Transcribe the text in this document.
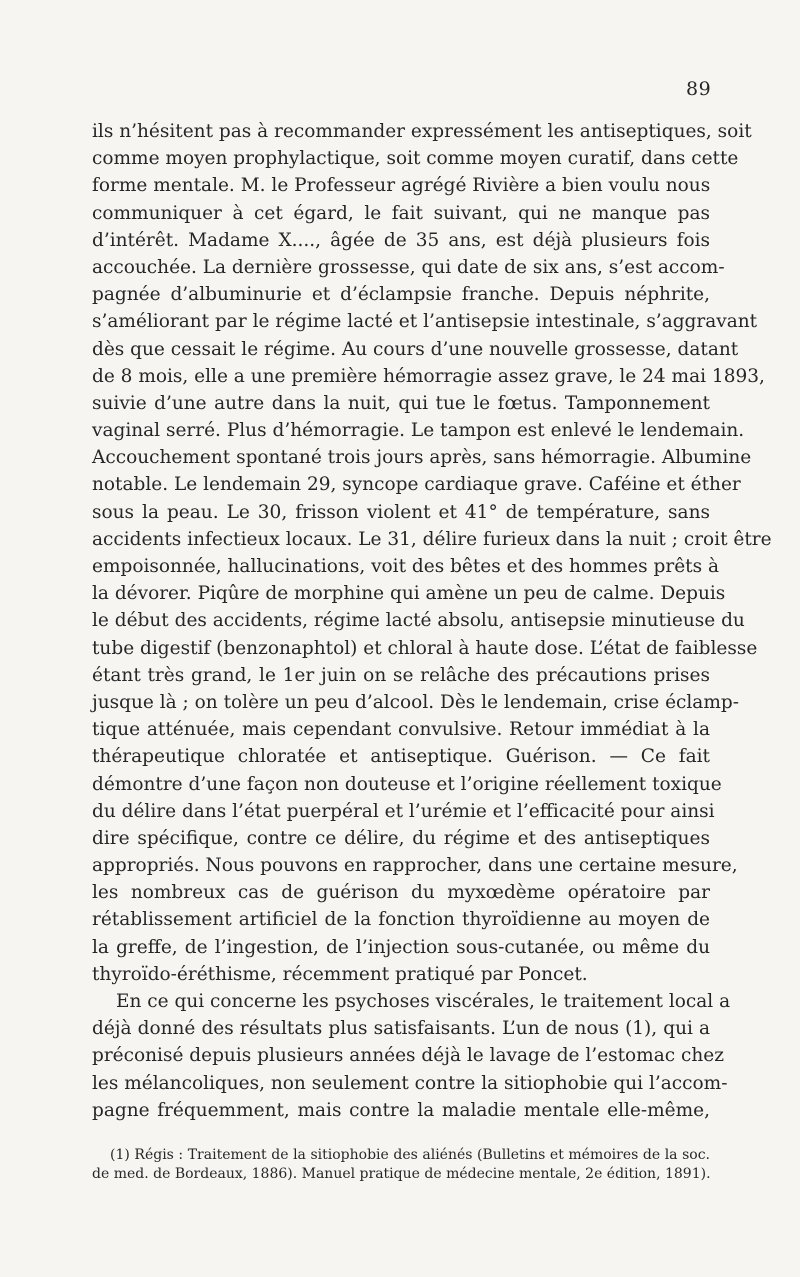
89
ils n’hésitent pas à recommander expressément les antiseptiques, soit
comme moyen prophylactique, soit comme moyen curatif, dans cette
forme mentale. M. le Professeur agrégé Rivière a bien voulu nous
communiquer à cet égard, le fait suivant, qui ne manque pas
d’intérêt. Madame X...., âgée de 35 ans, est déjà plusieurs fois
accouchée. La dernière grossesse, qui date de six ans, s’est accom-
pagnée d’albuminurie et d’éclampsie franche. Depuis néphrite,
s’améliorant par le régime lacté et l’antisepsie intestinale, s’aggravant
dès que cessait le régime. Au cours d’une nouvelle grossesse, datant
de 8 mois, elle a une première hémorragie assez grave, le 24 mai 1893,
suivie d’une autre dans la nuit, qui tue le fœtus. Tamponnement
vaginal serré. Plus d’hémorragie. Le tampon est enlevé le lendemain.
Accouchement spontané trois jours après, sans hémorragie. Albumine
notable. Le lendemain 29, syncope cardiaque grave. Caféine et éther
sous la peau. Le 30, frisson violent et 41° de température, sans
accidents infectieux locaux. Le 31, délire furieux dans la nuit ; croit être
empoisonnée, hallucinations, voit des bêtes et des hommes prêts à
la dévorer. Piqûre de morphine qui amène un peu de calme. Depuis
le début des accidents, régime lacté absolu, antisepsie minutieuse du
tube digestif (benzonaphtol) et chloral à haute dose. L’état de faiblesse
étant très grand, le 1er juin on se relâche des précautions prises
jusque là ; on tolère un peu d’alcool. Dès le lendemain, crise éclamp-
tique atténuée, mais cependant convulsive. Retour immédiat à la
thérapeutique chloratée et antiseptique. Guérison. — Ce fait
démontre d’une façon non douteuse et l’origine réellement toxique
du délire dans l’état puerpéral et l’urémie et l’efficacité pour ainsi
dire spécifique, contre ce délire, du régime et des antiseptiques
appropriés. Nous pouvons en rapprocher, dans une certaine mesure,
les nombreux cas de guérison du myxœdème opératoire par
rétablissement artificiel de la fonction thyroïdienne au moyen de
la greffe, de l’ingestion, de l’injection sous-cutanée, ou même du
thyroïdo-éréthisme, récemment pratiqué par Poncet.
En ce qui concerne les psychoses viscérales, le traitement local a
déjà donné des résultats plus satisfaisants. L’un de nous (1), qui a
préconisé depuis plusieurs années déjà le lavage de l’estomac chez
les mélancoliques, non seulement contre la sitiophobie qui l’accom-
pagne fréquemment, mais contre la maladie mentale elle-même,
(1) Régis : Traitement de la sitiophobie des aliénés (Bulletins et mémoires de la soc.
de med. de Bordeaux, 1886). Manuel pratique de médecine mentale, 2e édition, 1891).
